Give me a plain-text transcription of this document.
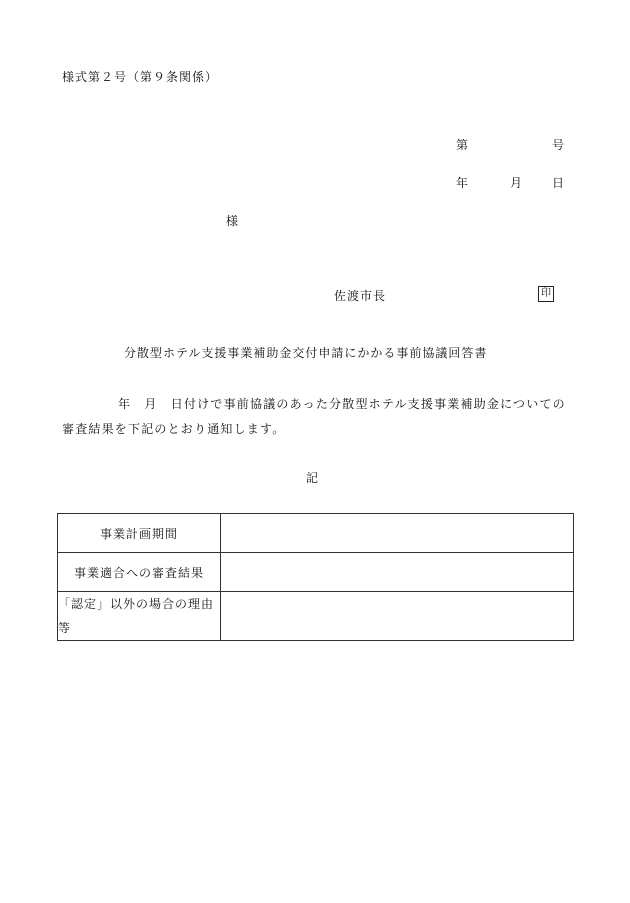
様式第２号（第９条関係）
第	号
年	月 日
様
佐渡市長	印
分散型ホテル支援事業補助金交付申請にかかる事前協議回答書
年　月　日付けで事前協議のあった分散型ホテル支援事業補助金についての審査結果を下記のとおり通知します。
記
事業計画期間	
事業適合への審査結果	
「認定」以外の場合の理由等	
